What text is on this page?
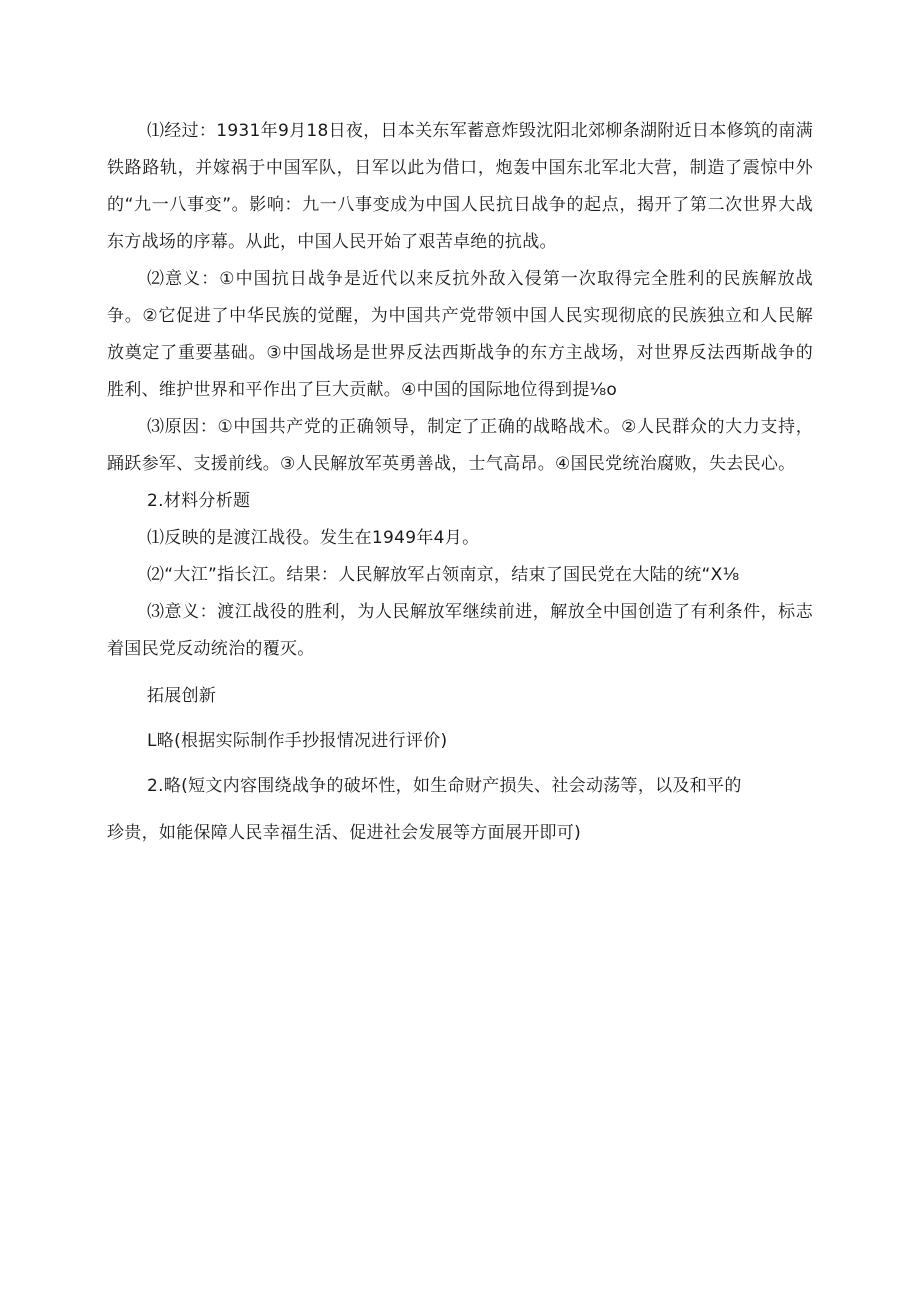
⑴经过：1931年9月18日夜，日本关东军蓄意炸毁沈阳北郊柳条湖附近日本修筑的南满铁路路轨，并嫁祸于中国军队，日军以此为借口，炮轰中国东北军北大营，制造了震惊中外的“九一八事变”。影响：九一八事变成为中国人民抗日战争的起点，揭开了第二次世界大战东方战场的序幕。从此，中国人民开始了艰苦卓绝的抗战。

⑵意义：①中国抗日战争是近代以来反抗外敌入侵第一次取得完全胜利的民族解放战争。②它促进了中华民族的觉醒，为中国共产党带领中国人民实现彻底的民族独立和人民解放奠定了重要基础。③中国战场是世界反法西斯战争的东方主战场，对世界反法西斯战争的胜利、维护世界和平作出了巨大贡献。④中国的国际地位得到提⅛o

⑶原因：①中国共产党的正确领导，制定了正确的战略战术。②人民群众的大力支持，踊跃参军、支援前线。③人民解放军英勇善战，士气高昂。④国民党统治腐败，失去民心。

2.材料分析题

⑴反映的是渡江战役。发生在1949年4月。

⑵“大江”指长江。结果：人民解放军占领南京，结束了国民党在大陆的统“X⅛

⑶意义：渡江战役的胜利，为人民解放军继续前进，解放全中国创造了有利条件，标志着国民党反动统治的覆灭。

拓展创新

L略(根据实际制作手抄报情况进行评价)

2.略(短文内容围绕战争的破坏性，如生命财产损失、社会动荡等，以及和平的

珍贵，如能保障人民幸福生活、促进社会发展等方面展开即可)
